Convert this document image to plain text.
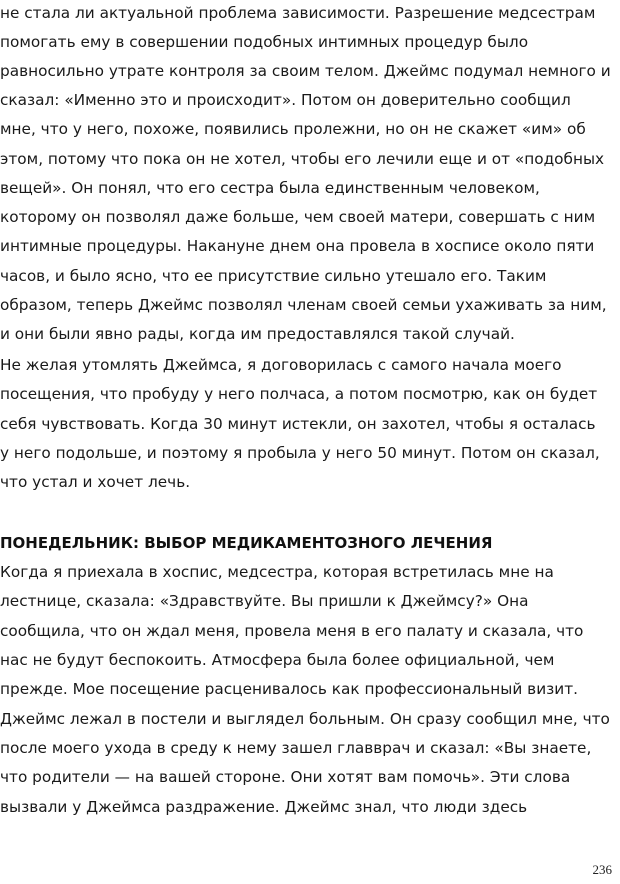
не стала ли актуальной проблема зависимости. Разрешение медсестрам

помогать ему в совершении подобных интимных процедур было

равносильно утрате контроля за своим телом. Джеймс подумал немного и

сказал: «Именно это и происходит». Потом он доверительно сообщил

мне, что у него, похоже, появились пролежни, но он не скажет «им» об

этом, потому что пока он не хотел, чтобы его лечили еще и от «подобных

вещей». Он понял, что его сестра была единственным человеком,

которому он позволял даже больше, чем своей матери, совершать с ним

интимные процедуры. Накануне днем она провела в хосписе около пяти

часов, и было ясно, что ее присутствие сильно утешало его. Таким

образом, теперь Джеймс позволял членам своей семьи ухаживать за ним,

и они были явно рады, когда им предоставлялся такой случай.

Не желая утомлять Джеймса, я договорилась с самого начала моего

посещения, что пробуду у него полчаса, а потом посмотрю, как он будет

себя чувствовать. Когда 30 минут истекли, он захотел, чтобы я осталась

у него подольше, и поэтому я пробыла у него 50 минут. Потом он сказал,

что устал и хочет лечь.

ПОНЕДЕЛЬНИК: ВЫБОР МЕДИКАМЕНТОЗНОГО ЛЕЧЕНИЯ

Когда я приехала в хоспис, медсестра, которая встретилась мне на

лестнице, сказала: «Здравствуйте. Вы пришли к Джеймсу?» Она

сообщила, что он ждал меня, провела меня в его палату и сказала, что

нас не будут беспокоить. Атмосфера была более официальной, чем

прежде. Мое посещение расценивалось как профессиональный визит.

Джеймс лежал в постели и выглядел больным. Он сразу сообщил мне, что

после моего ухода в среду к нему зашел главврач и сказал: «Вы знаете,

что родители — на вашей стороне. Они хотят вам помочь». Эти слова

вызвали у Джеймса раздражение. Джеймс знал, что люди здесь

236
